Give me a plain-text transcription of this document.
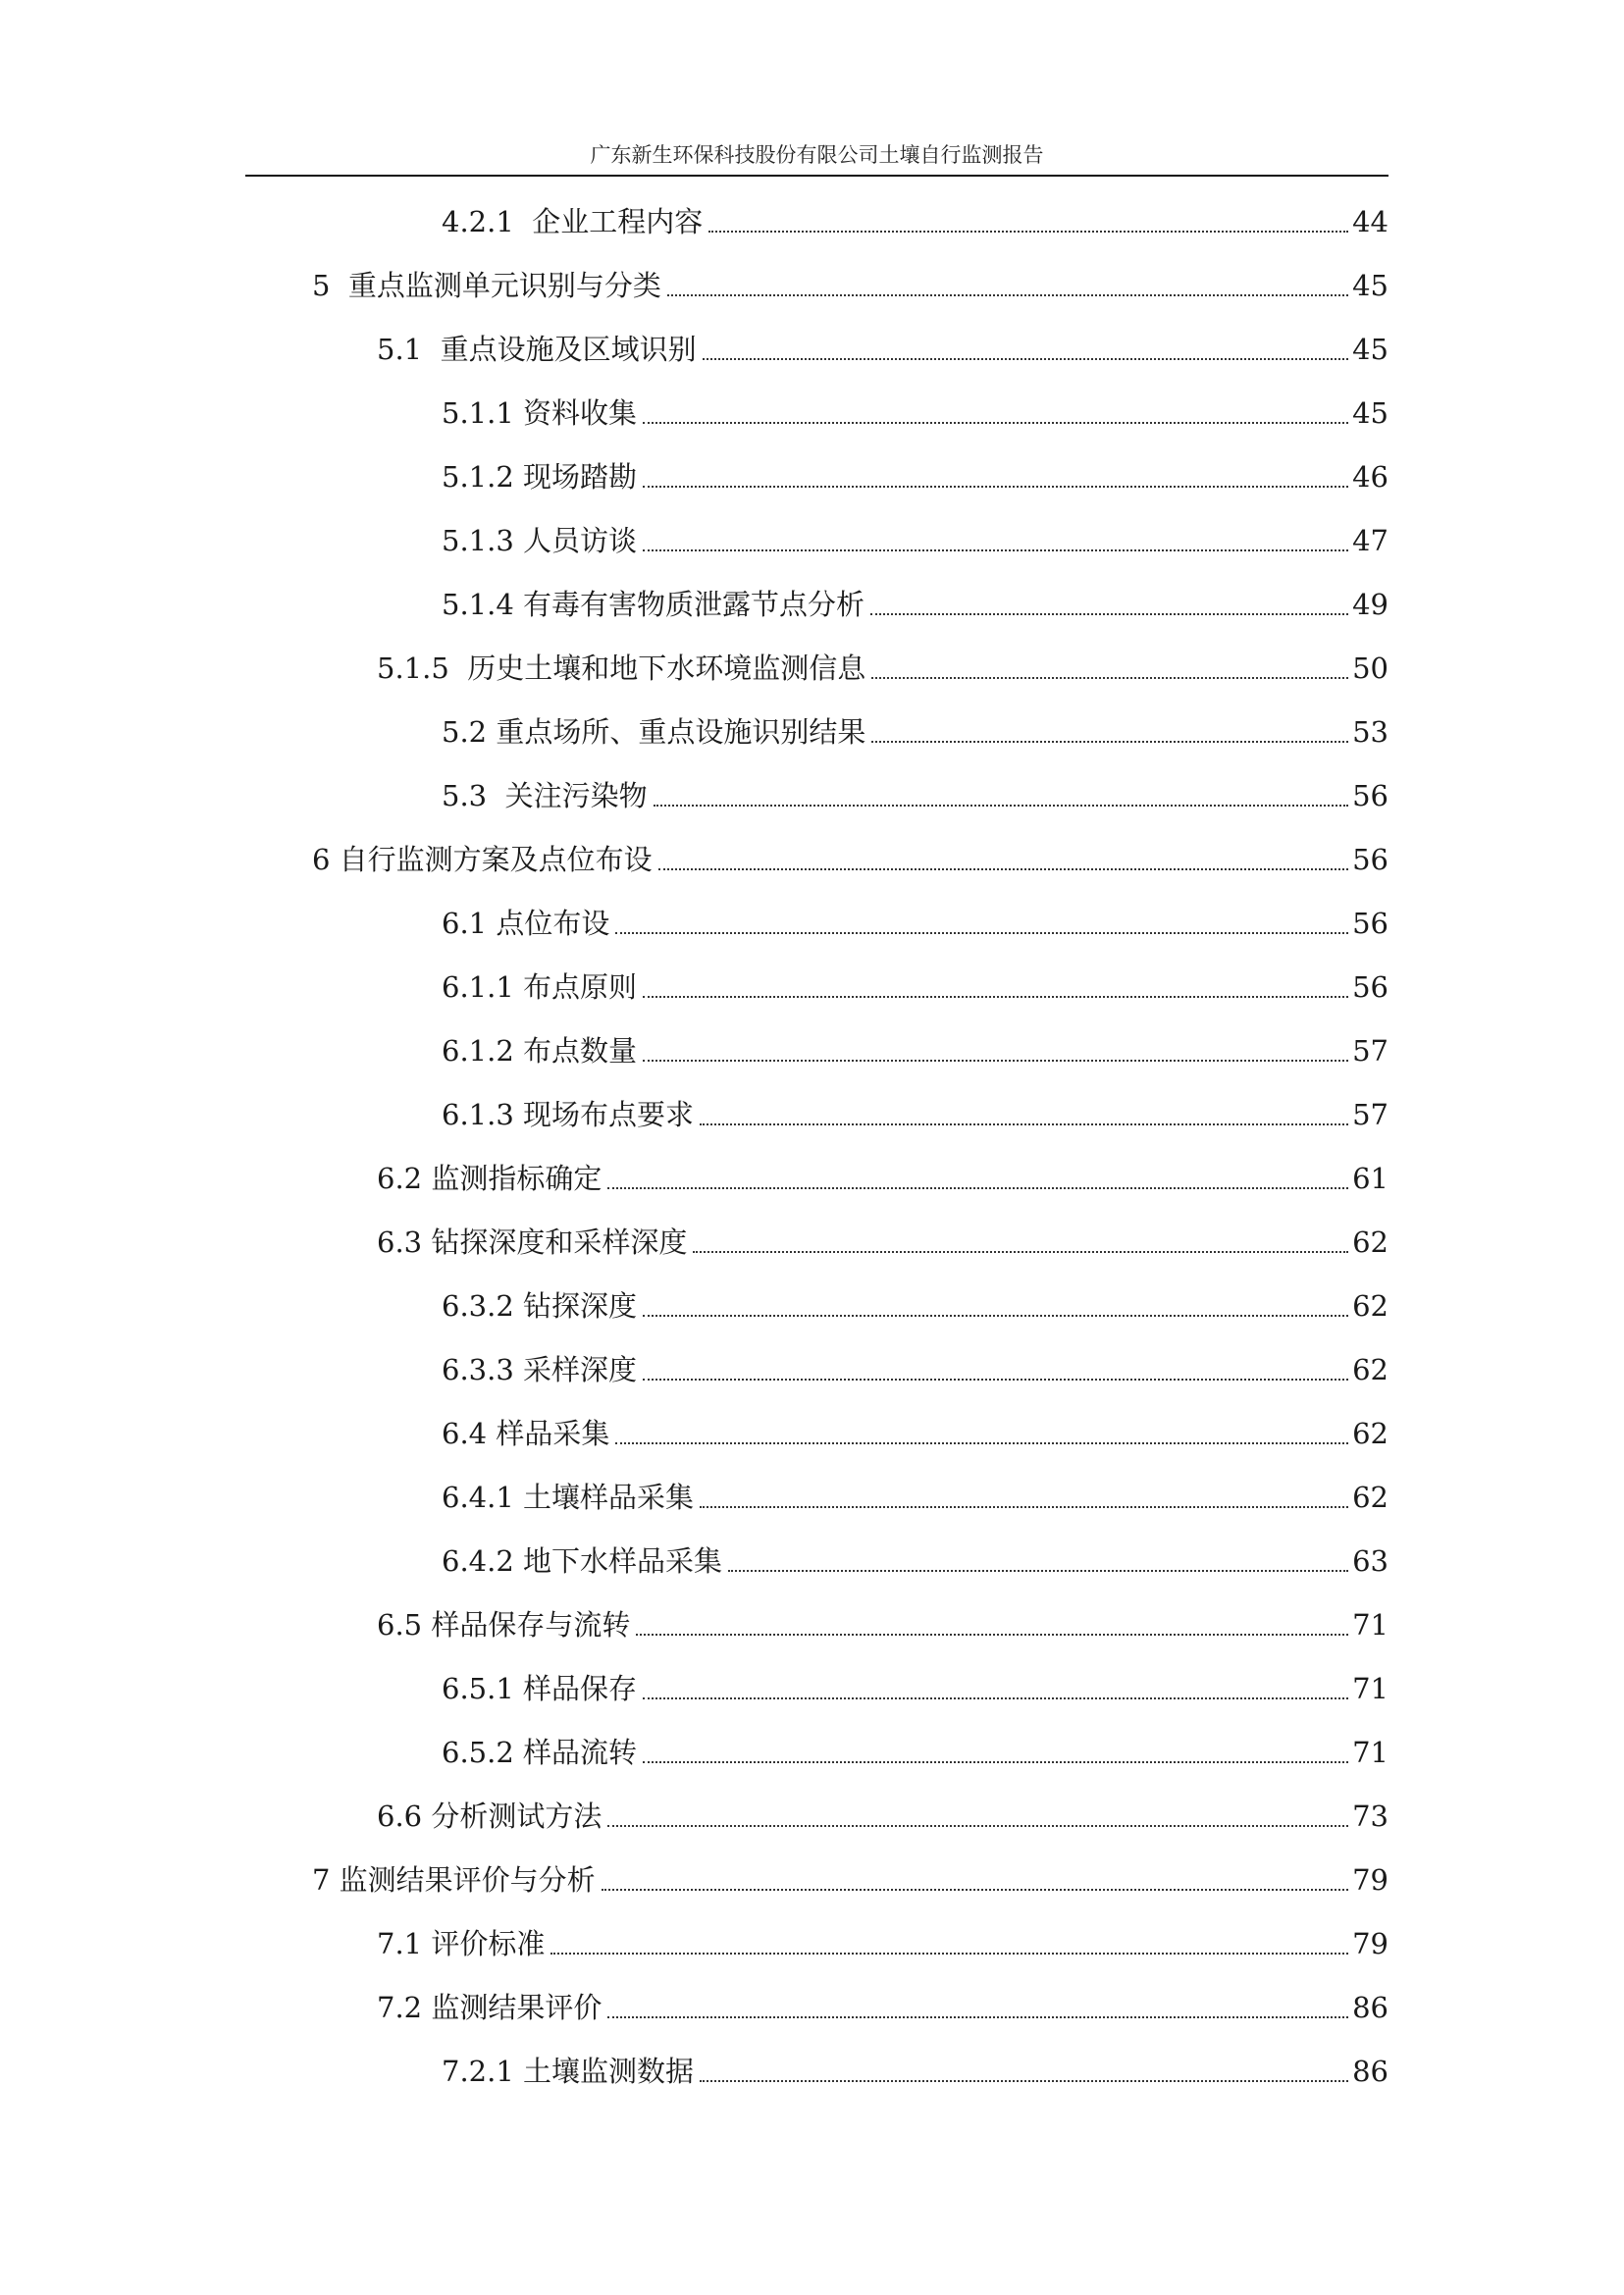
广东新生环保科技股份有限公司土壤自行监测报告
4.2.1 企业工程内容	44
5 重点监测单元识别与分类	45
5.1 重点设施及区域识别	45
5.1.1 资料收集	45
5.1.2 现场踏勘	46
5.1.3 人员访谈	47
5.1.4 有毒有害物质泄露节点分析	49
5.1.5 历史土壤和地下水环境监测信息	50
5.2 重点场所、重点设施识别结果	53
5.3 关注污染物	56
6 自行监测方案及点位布设	56
6.1 点位布设	56
6.1.1 布点原则	56
6.1.2 布点数量	57
6.1.3 现场布点要求	57
6.2 监测指标确定	61
6.3 钻探深度和采样深度	62
6.3.2 钻探深度	62
6.3.3 采样深度	62
6.4 样品采集	62
6.4.1 土壤样品采集	62
6.4.2 地下水样品采集	63
6.5 样品保存与流转	71
6.5.1 样品保存	71
6.5.2 样品流转	71
6.6 分析测试方法	73
7 监测结果评价与分析	79
7.1 评价标准	79
7.2 监测结果评价	86
7.2.1 土壤监测数据	86
